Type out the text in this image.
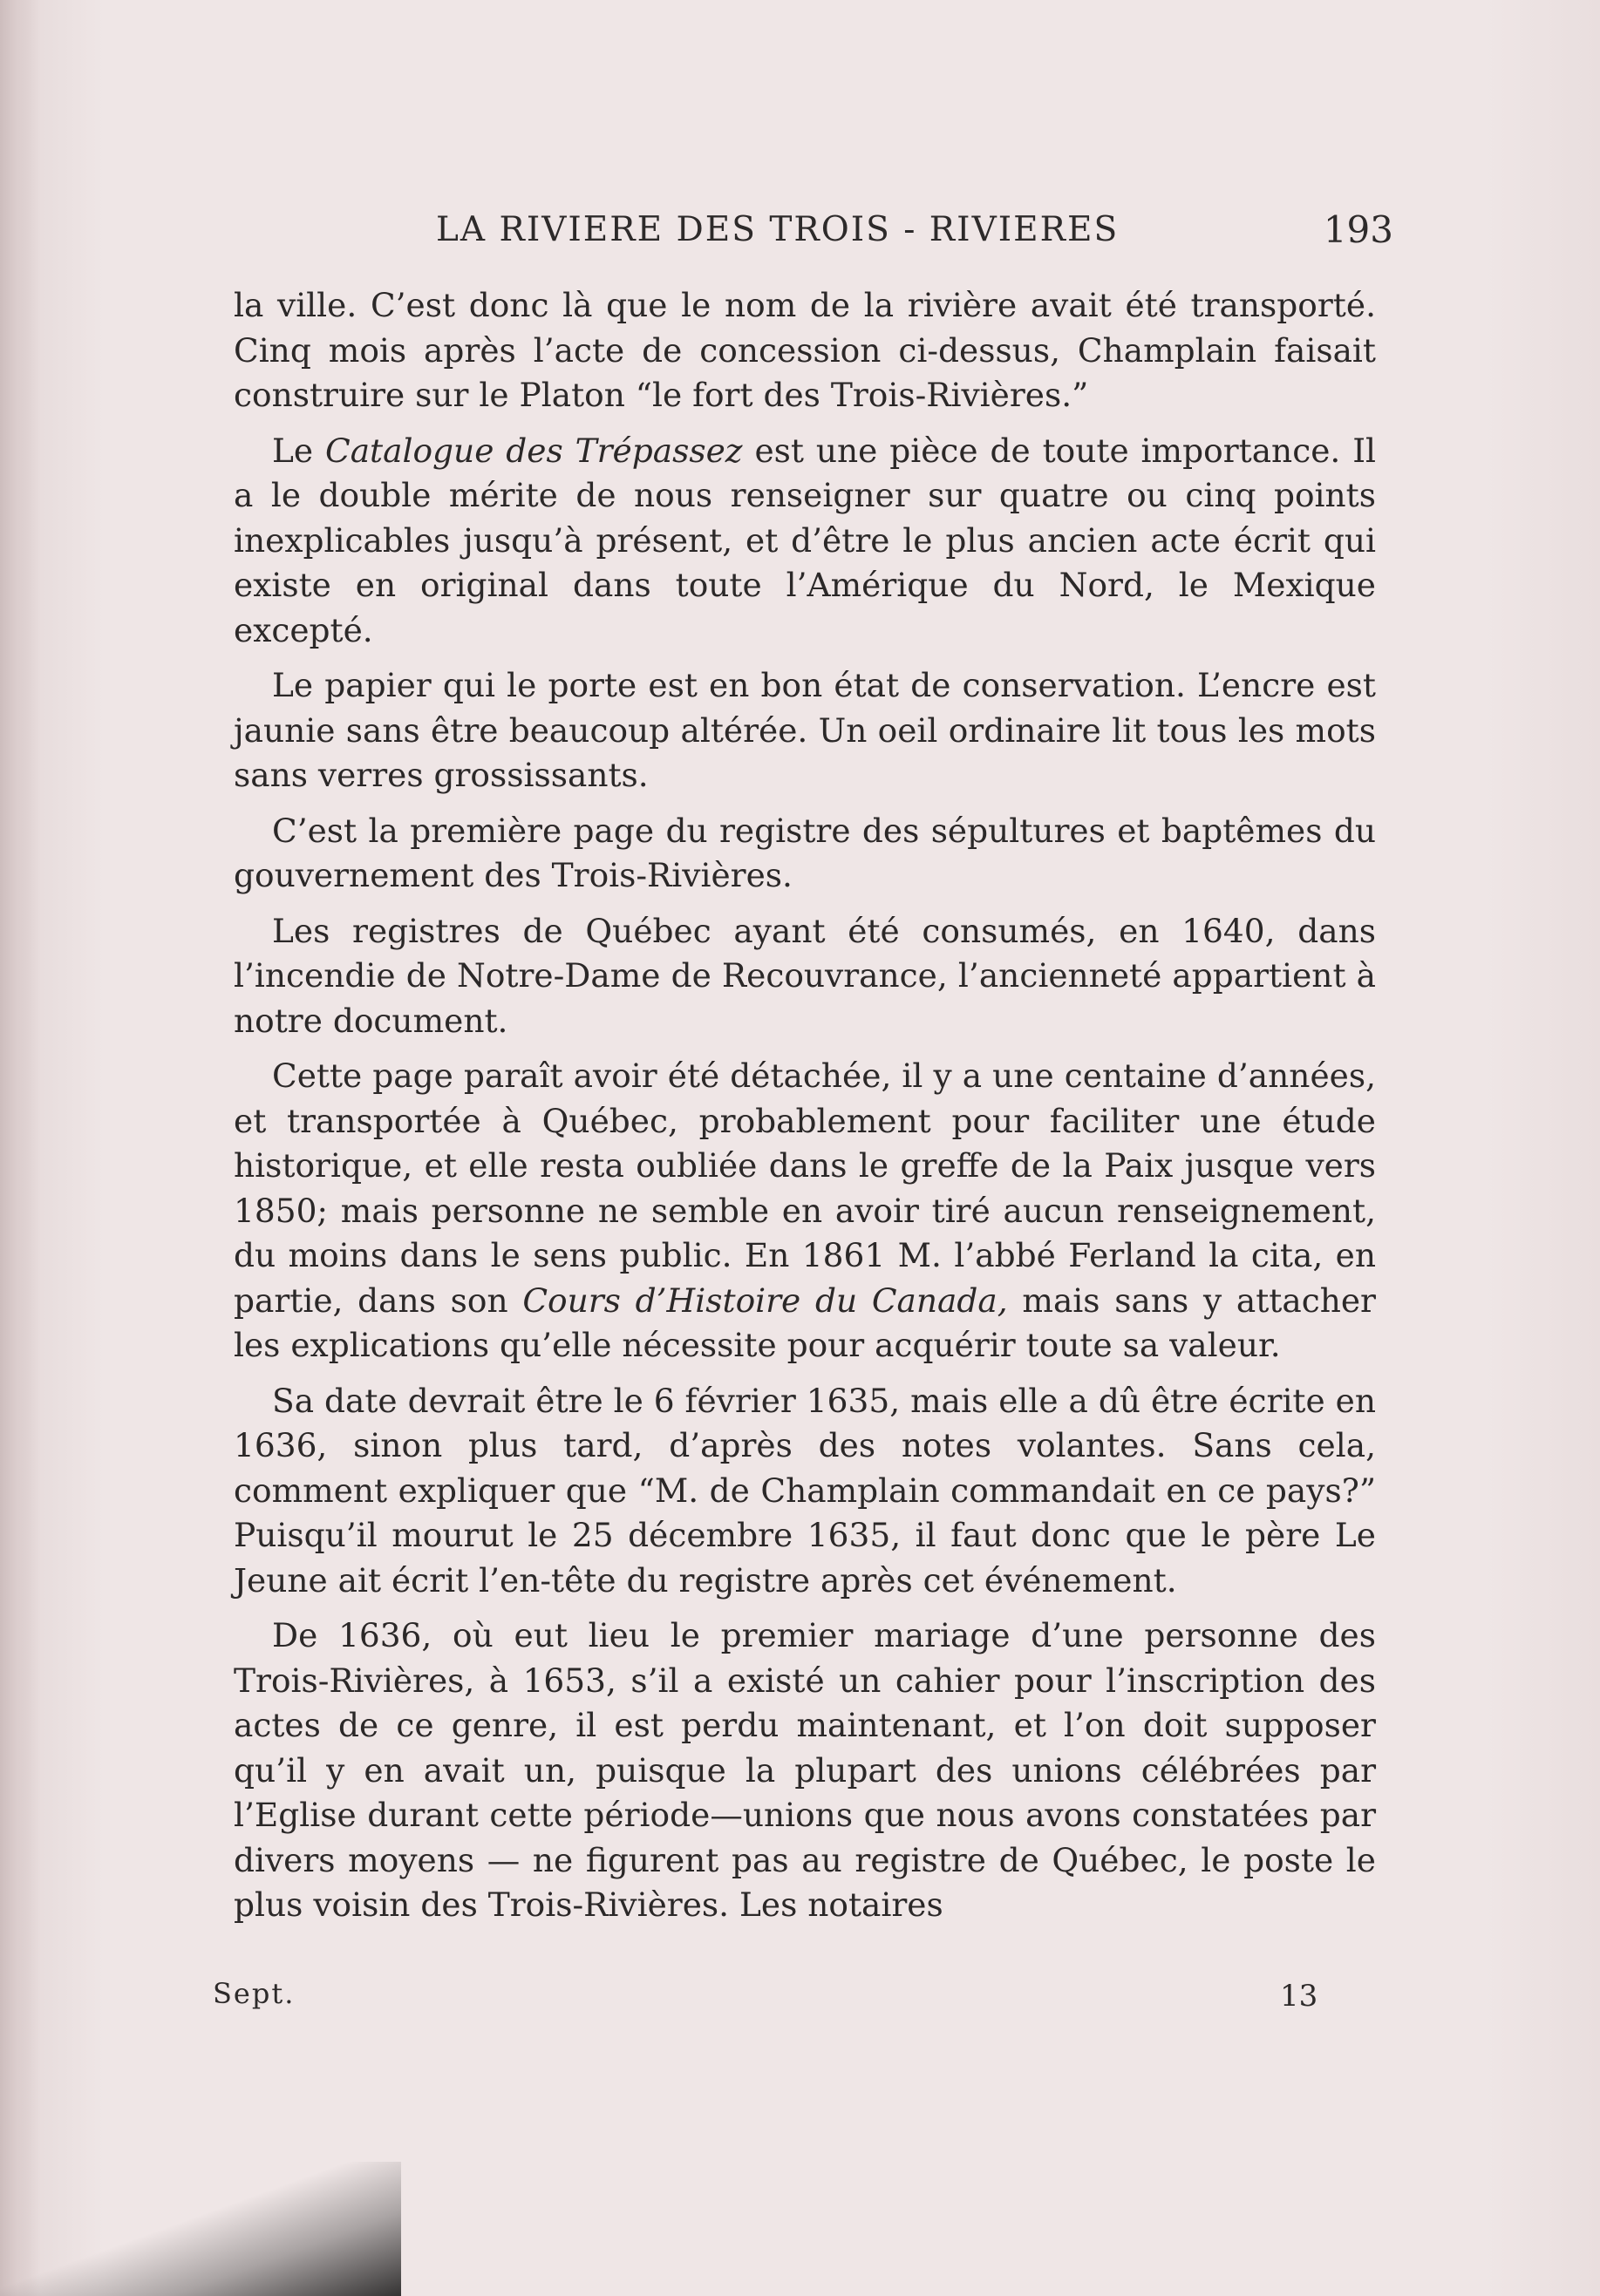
LA RIVIERE DES TROIS - RIVIERES	193

la ville. C’est donc là que le nom de la rivière avait été transporté. Cinq mois après l’acte de concession ci-dessus, Champlain faisait construire sur le Platon “le fort des Trois-Rivières.”

Le Catalogue des Trépassez est une pièce de toute importance. Il a le double mérite de nous renseigner sur quatre ou cinq points inexplicables jusqu’à présent, et d’être le plus ancien acte écrit qui existe en original dans toute l’Amérique du Nord, le Mexique excepté.

Le papier qui le porte est en bon état de conservation. L’encre est jaunie sans être beaucoup altérée. Un oeil ordinaire lit tous les mots sans verres grossissants.

C’est la première page du registre des sépultures et baptêmes du gouvernement des Trois-Rivières.

Les registres de Québec ayant été consumés, en 1640, dans l’incendie de Notre-Dame de Recouvrance, l’ancienneté appartient à notre document.

Cette page paraît avoir été détachée, il y a une centaine d’années, et transportée à Québec, probablement pour faciliter une étude historique, et elle resta oubliée dans le greffe de la Paix jusque vers 1850; mais personne ne semble en avoir tiré aucun renseignement, du moins dans le sens public. En 1861 M. l’abbé Ferland la cita, en partie, dans son Cours d’Histoire du Canada, mais sans y attacher les explications qu’elle nécessite pour acquérir toute sa valeur.

Sa date devrait être le 6 février 1635, mais elle a dû être écrite en 1636, sinon plus tard, d’après des notes volantes. Sans cela, comment expliquer que “M. de Champlain commandait en ce pays?” Puisqu’il mourut le 25 décembre 1635, il faut donc que le père Le Jeune ait écrit l’en-tête du registre après cet événement.

De 1636, où eut lieu le premier mariage d’une personne des Trois-Rivières, à 1653, s’il a existé un cahier pour l’inscription des actes de ce genre, il est perdu maintenant, et l’on doit supposer qu’il y en avait un, puisque la plupart des unions célébrées par l’Eglise durant cette période—unions que nous avons constatées par divers moyens — ne figurent pas au registre de Québec, le poste le plus voisin des Trois-Rivières. Les notaires

Sept.	13
